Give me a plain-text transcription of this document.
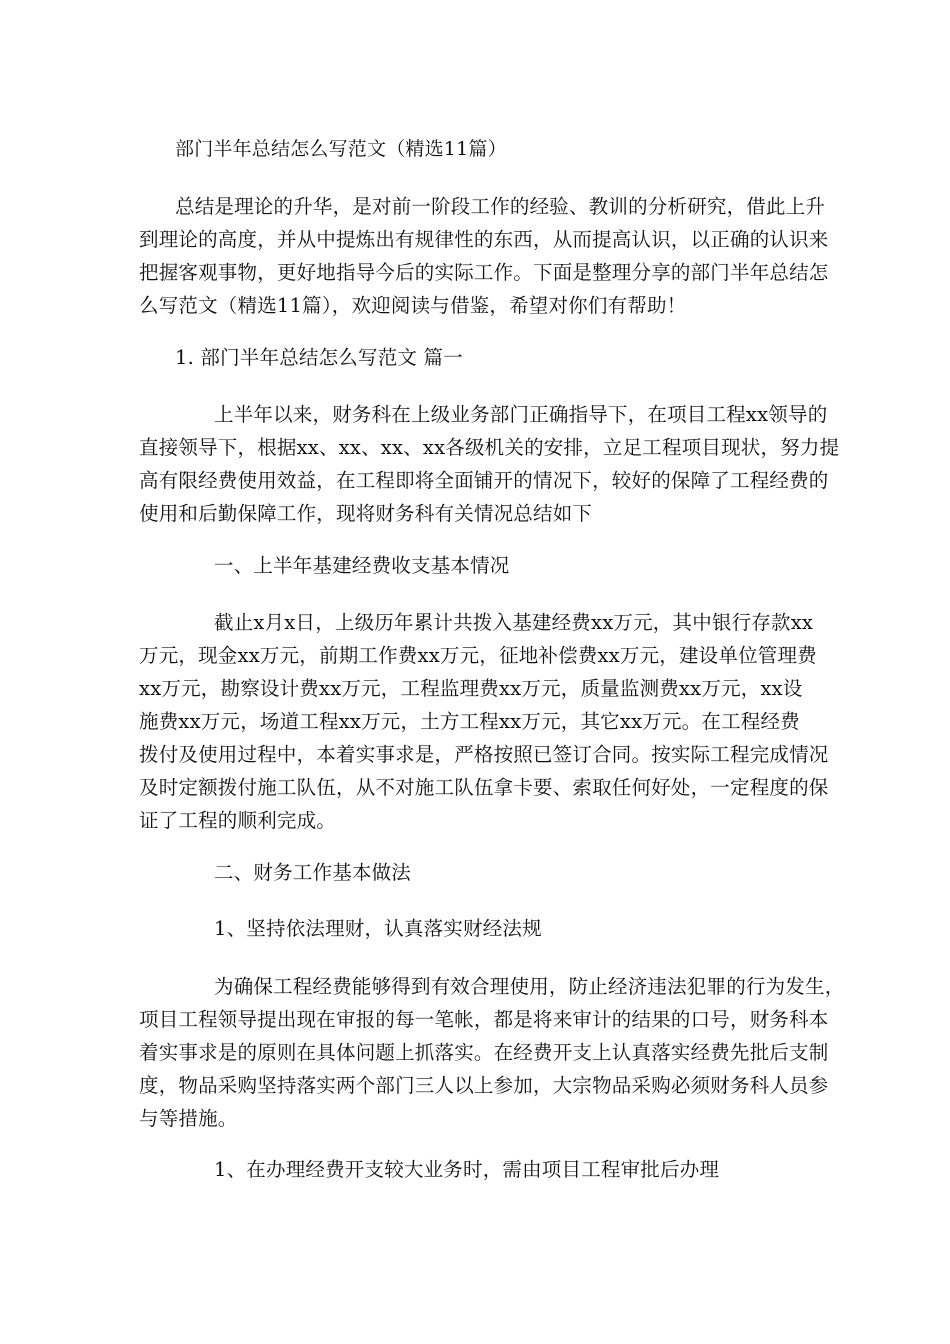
部门半年总结怎么写范文（精选11篇）
总结是理论的升华，是对前一阶段工作的经验、教训的分析研究，借此上升
到理论的高度，并从中提炼出有规律性的东西，从而提高认识，以正确的认识来
把握客观事物，更好地指导今后的实际工作。下面是整理分享的部门半年总结怎
么写范文（精选11篇），欢迎阅读与借鉴，希望对你们有帮助！
1. 部门半年总结怎么写范文 篇一
上半年以来，财务科在上级业务部门正确指导下，在项目工程xx领导的
直接领导下，根据xx、xx、xx、xx各级机关的安排，立足工程项目现状，努力提
高有限经费使用效益，在工程即将全面铺开的情况下，较好的保障了工程经费的
使用和后勤保障工作，现将财务科有关情况总结如下
一、上半年基建经费收支基本情况
截止x月x日，上级历年累计共拨入基建经费xx万元，其中银行存款xx
万元，现金xx万元，前期工作费xx万元，征地补偿费xx万元，建设单位管理费
xx万元，勘察设计费xx万元，工程监理费xx万元，质量监测费xx万元，xx设
施费xx万元，场道工程xx万元，土方工程xx万元，其它xx万元。在工程经费
拨付及使用过程中，本着实事求是，严格按照已签订合同。按实际工程完成情况
及时定额拨付施工队伍，从不对施工队伍拿卡要、索取任何好处，一定程度的保
证了工程的顺利完成。
二、财务工作基本做法
1、坚持依法理财，认真落实财经法规
为确保工程经费能够得到有效合理使用，防止经济违法犯罪的行为发生，
项目工程领导提出现在审报的每一笔帐，都是将来审计的结果的口号，财务科本
着实事求是的原则在具体问题上抓落实。在经费开支上认真落实经费先批后支制
度，物品采购坚持落实两个部门三人以上参加，大宗物品采购必须财务科人员参
与等措施。
1、在办理经费开支较大业务时，需由项目工程审批后办理
